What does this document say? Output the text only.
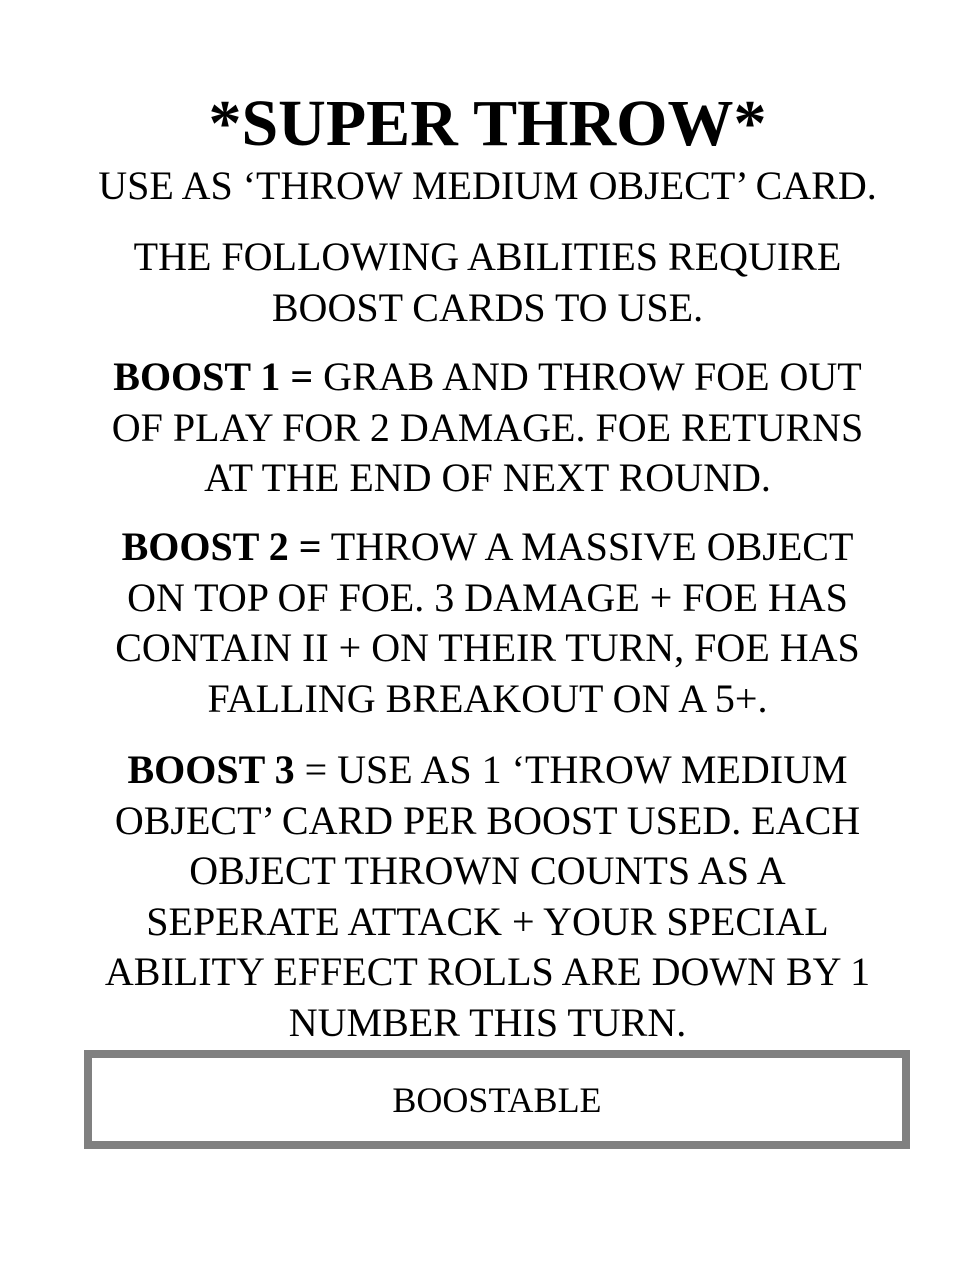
*SUPER THROW*
USE AS ‘THROW MEDIUM OBJECT’ CARD.
THE FOLLOWING ABILITIES REQUIRE
BOOST CARDS TO USE.
BOOST 1 = GRAB AND THROW FOE OUT
OF PLAY FOR 2 DAMAGE. FOE RETURNS
AT THE END OF NEXT ROUND.
BOOST 2 = THROW A MASSIVE OBJECT
ON TOP OF FOE. 3 DAMAGE + FOE HAS
CONTAIN II + ON THEIR TURN, FOE HAS
FALLING BREAKOUT ON A 5+.
BOOST 3 = USE AS 1 ‘THROW MEDIUM
OBJECT’ CARD PER BOOST USED. EACH
OBJECT THROWN COUNTS AS A
SEPERATE ATTACK + YOUR SPECIAL
ABILITY EFFECT ROLLS ARE DOWN BY 1
NUMBER THIS TURN.
BOOSTABLE
